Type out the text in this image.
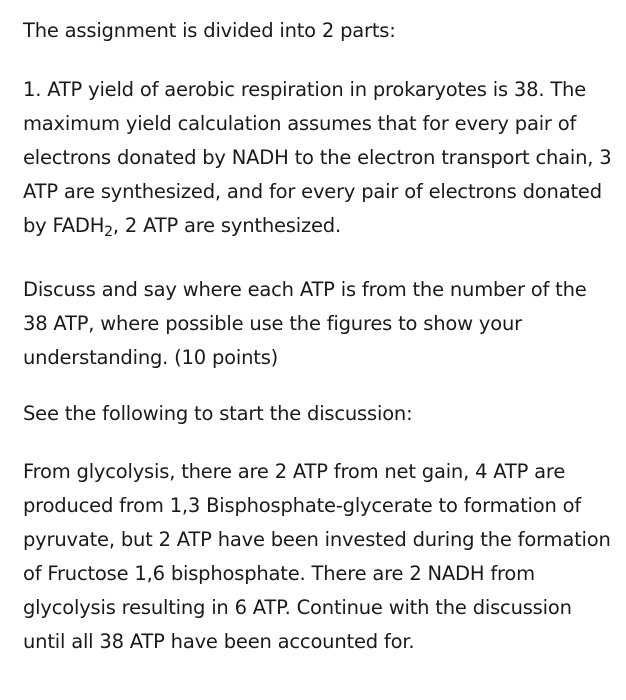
The assignment is divided into 2 parts:

1. ATP yield of aerobic respiration in prokaryotes is 38. The maximum yield calculation assumes that for every pair of electrons donated by NADH to the electron transport chain, 3 ATP are synthesized, and for every pair of electrons donated by $FADH_2$, 2 ATP are synthesized.

Discuss and say where each ATP is from the number of the 38 ATP, where possible use the figures to show your understanding. (10 points)

See the following to start the discussion:

From glycolysis, there are 2 ATP from net gain, 4 ATP are produced from 1,3 Bisphosphate-glycerate to formation of pyruvate, but 2 ATP have been invested during the formation of Fructose 1,6 bisphosphate. There are 2 NADH from glycolysis resulting in 6 ATP. Continue with the discussion until all 38 ATP have been accounted for.
